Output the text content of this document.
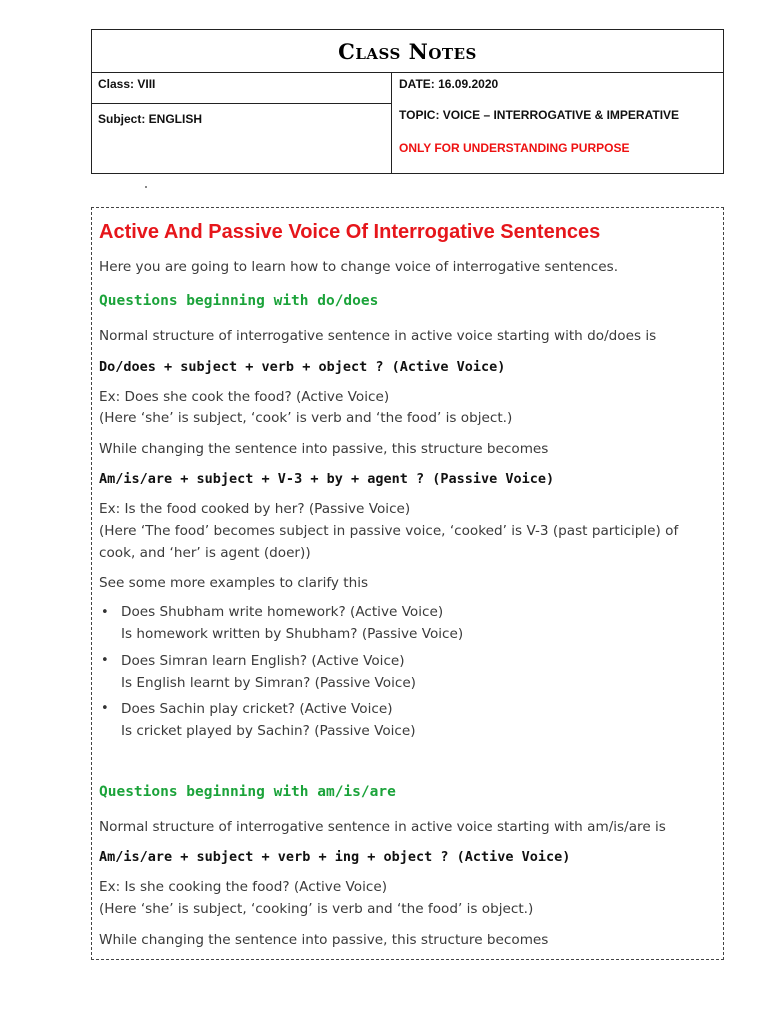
Class Notes
Class: VIII
Subject: ENGLISH
DATE: 16.09.2020
TOPIC: VOICE – INTERROGATIVE & IMPERATIVE
ONLY FOR UNDERSTANDING PURPOSE
Active And Passive Voice Of Interrogative Sentences
Here you are going to learn how to change voice of interrogative sentences.
Questions beginning with do/does
Normal structure of interrogative sentence in active voice starting with do/does is
Do/does + subject + verb + object ? (Active Voice)
Ex: Does she cook the food? (Active Voice)
(Here ‘she’ is subject, ‘cook’ is verb and ‘the food’ is object.)
While changing the sentence into passive, this structure becomes
Am/is/are + subject + V-3 + by + agent ? (Passive Voice)
Ex: Is the food cooked by her? (Passive Voice)
(Here ‘The food’ becomes subject in passive voice, ‘cooked’ is V-3 (past participle) of
cook, and ‘her’ is agent (doer))
See some more examples to clarify this
• Does Shubham write homework? (Active Voice)
Is homework written by Shubham? (Passive Voice)
• Does Simran learn English? (Active Voice)
Is English learnt by Simran? (Passive Voice)
• Does Sachin play cricket? (Active Voice)
Is cricket played by Sachin? (Passive Voice)
Questions beginning with am/is/are
Normal structure of interrogative sentence in active voice starting with am/is/are is
Am/is/are + subject + verb + ing + object ? (Active Voice)
Ex: Is she cooking the food? (Active Voice)
(Here ‘she’ is subject, ‘cooking’ is verb and ‘the food’ is object.)
While changing the sentence into passive, this structure becomes
